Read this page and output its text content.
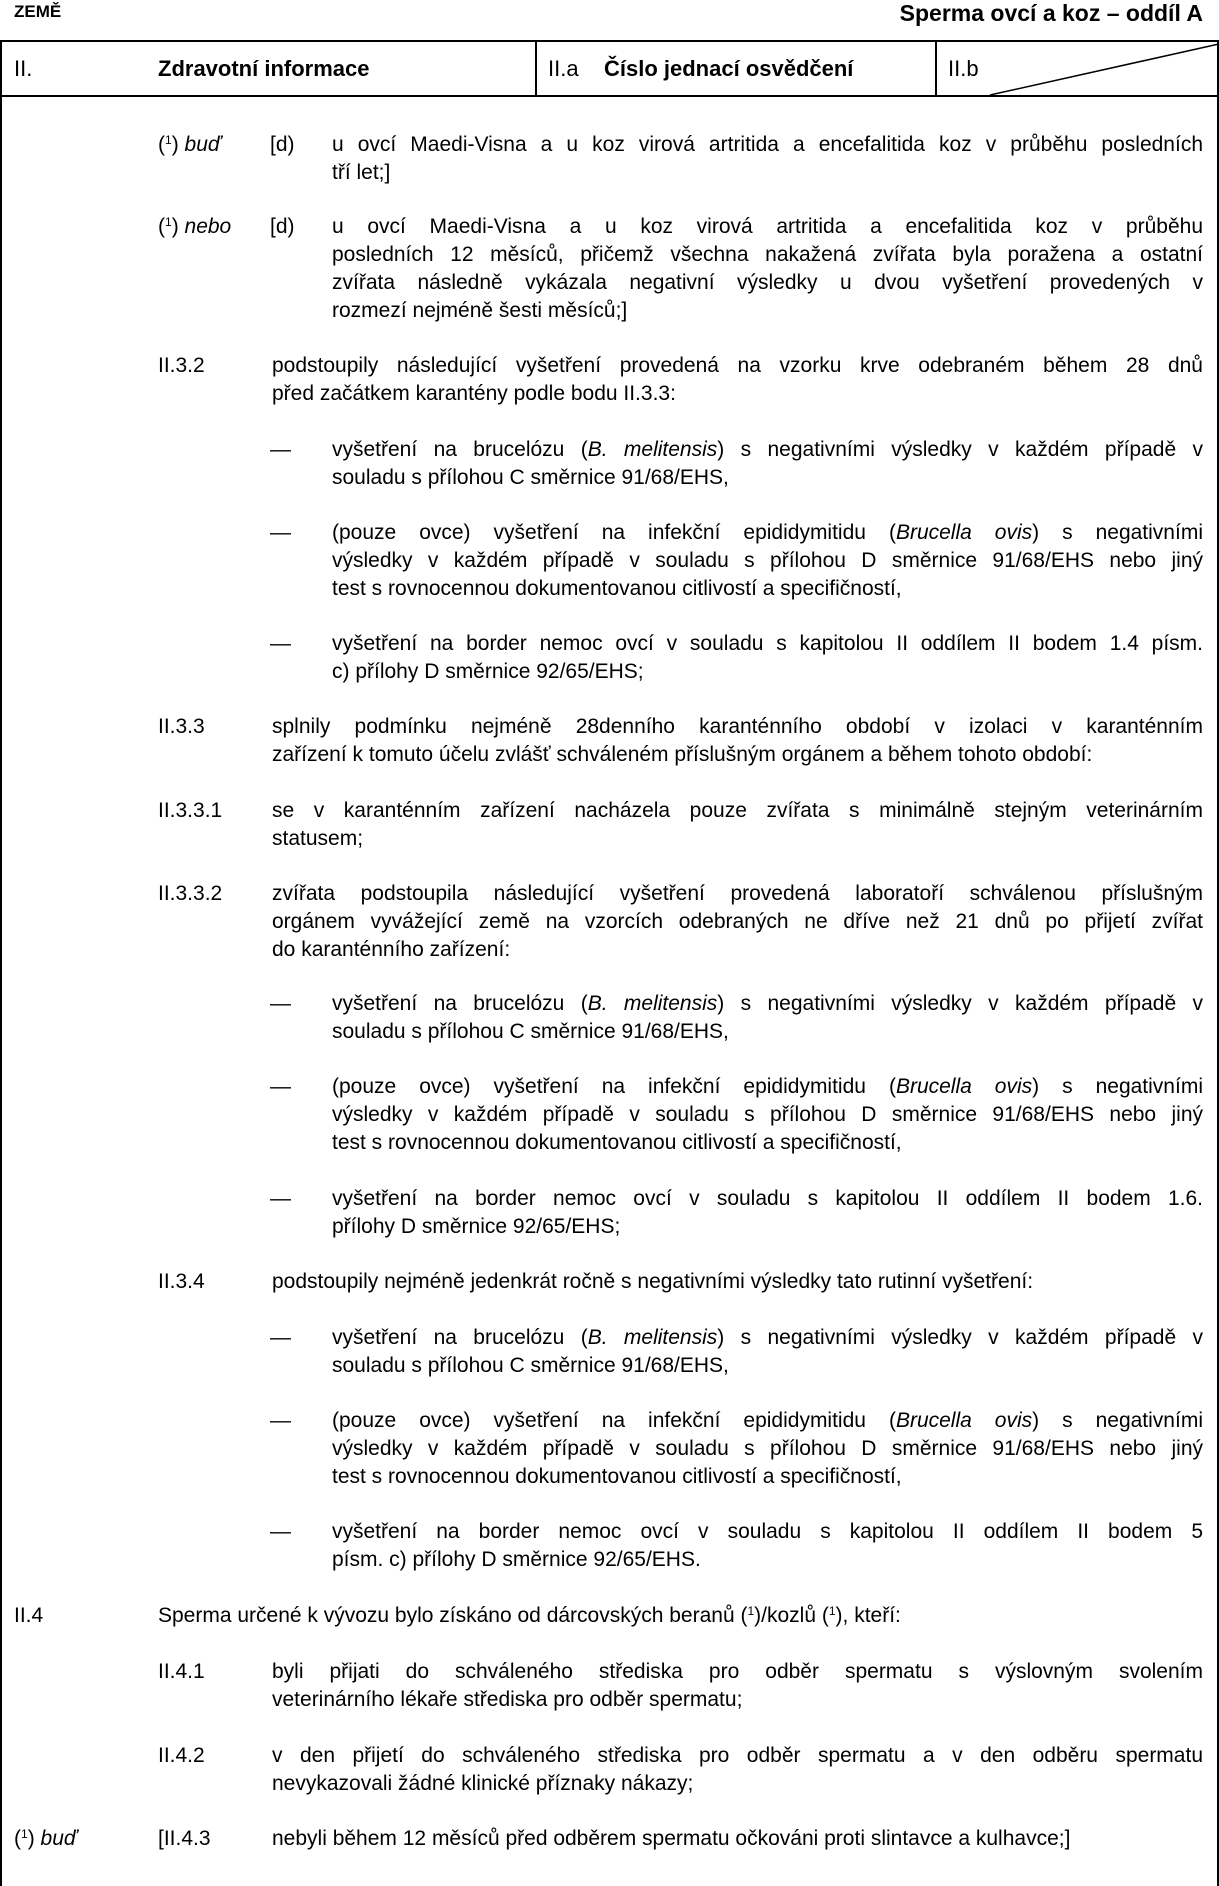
ZEMĚ	Sperma ovcí a koz – oddíl A
II.	Zdravotní informace	II.a Číslo jednací osvědčení	II.b
($^1$) buď [d) u ovcí Maedi-Visna a u koz virová artritida a encefalitida koz v průběhu posledních
tří let;]
($^1$) nebo [d) u ovcí Maedi-Visna a u koz virová artritida a encefalitida koz v průběhu
posledních 12 měsíců, přičemž všechna nakažená zvířata byla poražena a ostatní
zvířata následně vykázala negativní výsledky u dvou vyšetření provedených v
rozmezí nejméně šesti měsíců;]
II.3.2	podstoupily následující vyšetření provedená na vzorku krve odebraném během 28 dnů
před začátkem karantény podle bodu II.3.3:
— vyšetření na brucelózu (B. melitensis) s negativními výsledky v každém případě v
souladu s přílohou C směrnice 91/68/EHS,
— (pouze ovce) vyšetření na infekční epididymitidu (Brucella ovis) s negativními
výsledky v každém případě v souladu s přílohou D směrnice 91/68/EHS nebo jiný
test s rovnocennou dokumentovanou citlivostí a specifičností,
— vyšetření na border nemoc ovcí v souladu s kapitolou II oddílem II bodem 1.4 písm.
c) přílohy D směrnice 92/65/EHS;
II.3.3	splnily podmínku nejméně 28denního karanténního období v izolaci v karanténním
zařízení k tomuto účelu zvlášť schváleném příslušným orgánem a během tohoto období:
II.3.3.1 se v karanténním zařízení nacházela pouze zvířata s minimálně stejným veterinárním
statusem;
II.3.3.2 zvířata podstoupila následující vyšetření provedená laboratoří schválenou příslušným
orgánem vyvážející země na vzorcích odebraných ne dříve než 21 dnů po přijetí zvířat
do karanténního zařízení:
— vyšetření na brucelózu (B. melitensis) s negativními výsledky v každém případě v
souladu s přílohou C směrnice 91/68/EHS,
— (pouze ovce) vyšetření na infekční epididymitidu (Brucella ovis) s negativními
výsledky v každém případě v souladu s přílohou D směrnice 91/68/EHS nebo jiný
test s rovnocennou dokumentovanou citlivostí a specifičností,
— vyšetření na border nemoc ovcí v souladu s kapitolou II oddílem II bodem 1.6.
přílohy D směrnice 92/65/EHS;
II.3.4	podstoupily nejméně jedenkrát ročně s negativními výsledky tato rutinní vyšetření:
— vyšetření na brucelózu (B. melitensis) s negativními výsledky v každém případě v
souladu s přílohou C směrnice 91/68/EHS,
— (pouze ovce) vyšetření na infekční epididymitidu (Brucella ovis) s negativními
výsledky v každém případě v souladu s přílohou D směrnice 91/68/EHS nebo jiný
test s rovnocennou dokumentovanou citlivostí a specifičností,
— vyšetření na border nemoc ovcí v souladu s kapitolou II oddílem II bodem 5
písm. c) přílohy D směrnice 92/65/EHS.
II.4	Sperma určené k vývozu bylo získáno od dárcovských beranů ($^1$)/kozlů ($^1$), kteří:
II.4.1	byli přijati do schváleného střediska pro odběr spermatu s výslovným svolením
veterinárního lékaře střediska pro odběr spermatu;
II.4.2	v den přijetí do schváleného střediska pro odběr spermatu a v den odběru spermatu
nevykazovali žádné klinické příznaky nákazy;
($^1$) buď	[II.4.3	nebyli během 12 měsíců před odběrem spermatu očkováni proti slintavce a kulhavce;]
